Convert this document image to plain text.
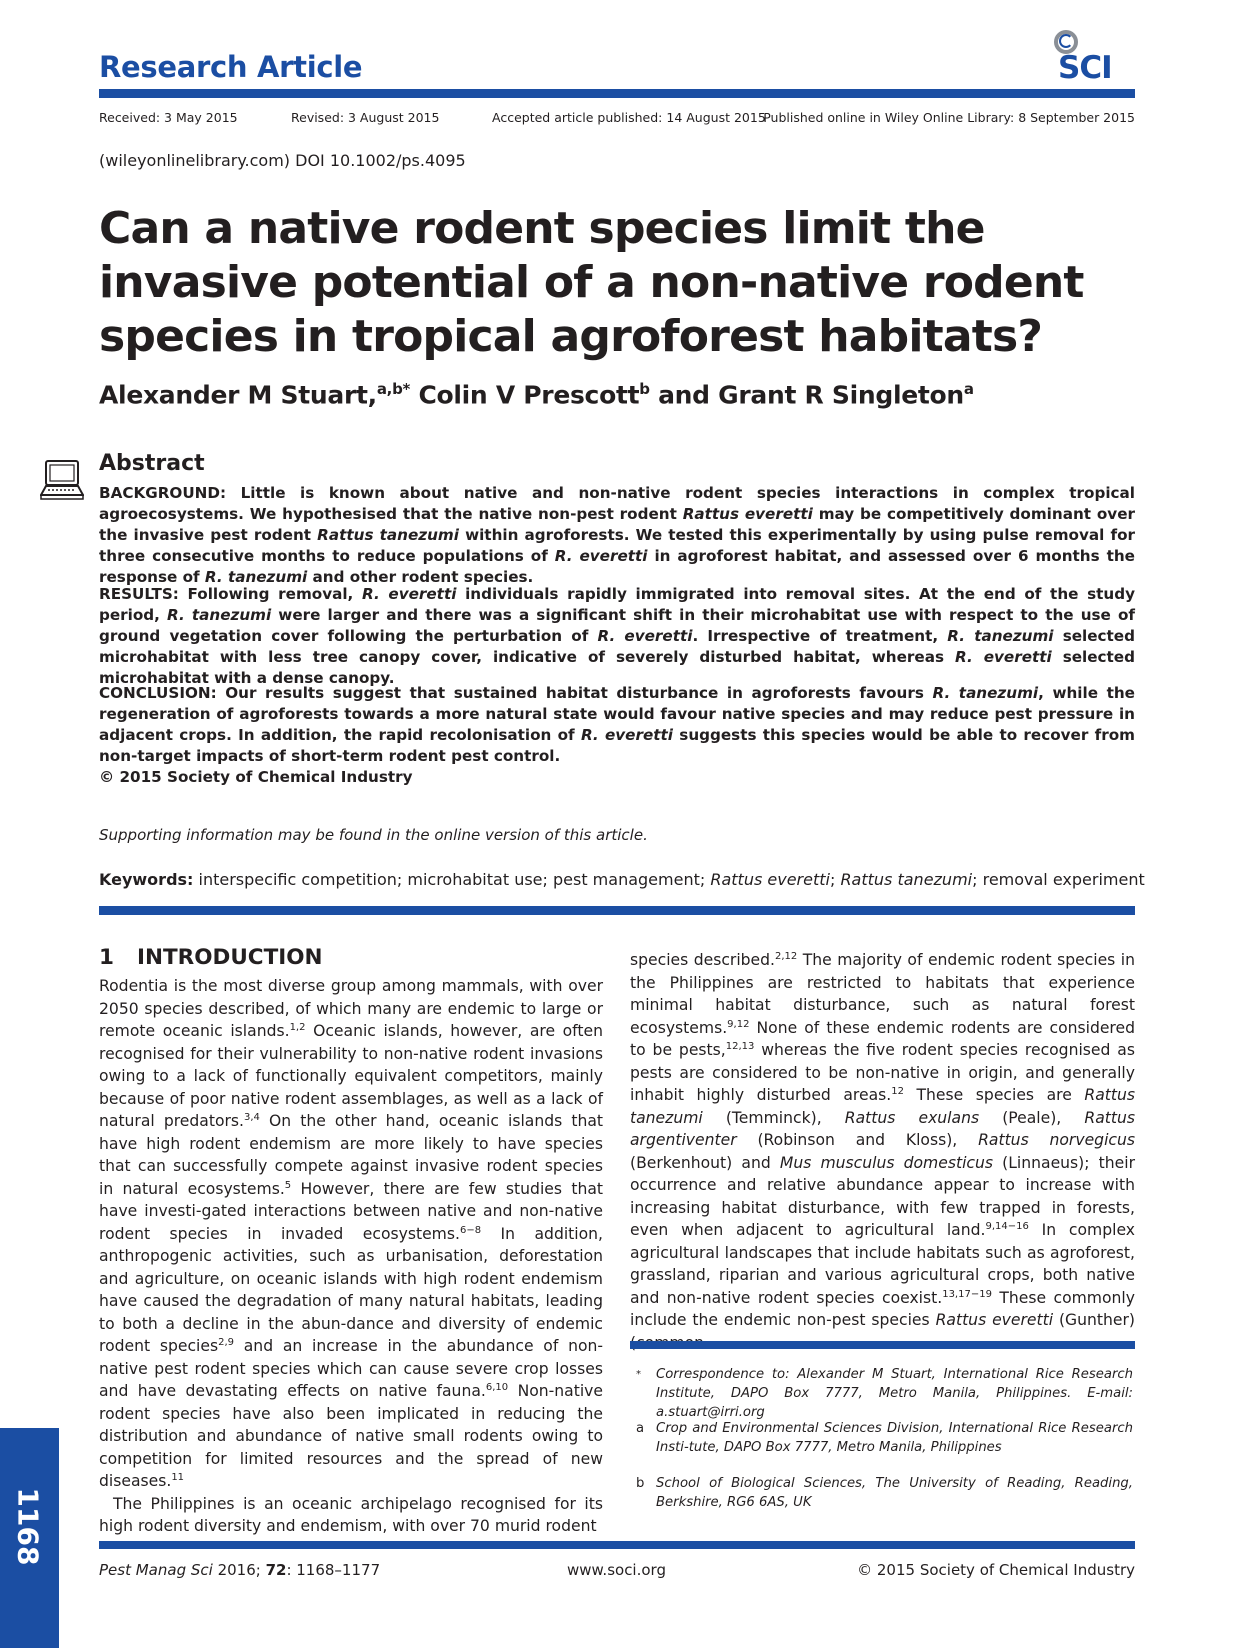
Research Article	SCI
Received: 3 May 2015	Revised: 3 August 2015	Accepted article published: 14 August 2015
Published online in Wiley Online Library: 8 September 2015
(wileyonlinelibrary.com) DOI 10.1002/ps.4095
Can a native rodent species limit the invasive potential of a non-native rodent species in tropical agroforest habitats?
Alexander M Stuart,$^{a,b*}$ Colin V Prescott$^b$ and Grant R Singleton$^a$
Abstract

BACKGROUND: Little is known about native and non-native rodent species interactions in complex tropical agroecosystems. We hypothesised that the native non-pest rodent Rattus everetti may be competitively dominant over the invasive pest rodent Rattus tanezumi within agroforests. We tested this experimentally by using pulse removal for three consecutive months to reduce populations of R. everetti in agroforest habitat, and assessed over 6 months the response of R. tanezumi and other rodent species.

RESULTS: Following removal, R. everetti individuals rapidly immigrated into removal sites. At the end of the study period, R. tanezumi were larger and there was a significant shift in their microhabitat use with respect to the use of ground vegetation cover following the perturbation of R. everetti. Irrespective of treatment, R. tanezumi selected microhabitat with less tree canopy cover, indicative of severely disturbed habitat, whereas R. everetti selected microhabitat with a dense canopy.

CONCLUSION: Our results suggest that sustained habitat disturbance in agroforests favours R. tanezumi, while the regeneration of agroforests towards a more natural state would favour native species and may reduce pest pressure in adjacent crops. In addition, the rapid recolonisation of R. everetti suggests this species would be able to recover from non-target impacts of short-term rodent pest control.
© 2015 Society of Chemical Industry

Supporting information may be found in the online version of this article.
Keywords: interspecific competition; microhabitat use; pest management; Rattus everetti; Rattus tanezumi; removal experiment
1 INTRODUCTION
Rodentia is the most diverse group among mammals, with over 2050 species described, of which many are endemic to large or remote oceanic islands.$^{1,2}$ Oceanic islands, however, are often recognised for their vulnerability to non-native rodent invasions owing to a lack of functionally equivalent competitors, mainly because of poor native rodent assemblages, as well as a lack of natural predators.$^{3,4}$ On the other hand, oceanic islands that have high rodent endemism are more likely to have species that can successfully compete against invasive rodent species in natural ecosystems.$^5$ However, there are few studies that have investi-gated interactions between native and non-native rodent species in invaded ecosystems.$^{6-8}$ In addition, anthropogenic activities, such as urbanisation, deforestation and agriculture, on oceanic islands with high rodent endemism have caused the degradation of many natural habitats, leading to both a decline in the abun-dance and diversity of endemic rodent species$^{2,9}$ and an increase in the abundance of non-native pest rodent species which can cause severe crop losses and have devastating effects on native fauna.$^{6,10}$ Non-native rodent species have also been implicated in reducing the distribution and abundance of native small rodents owing to competition for limited resources and the spread of new diseases.$^{11}$
The Philippines is an oceanic archipelago recognised for its high rodent diversity and endemism, with over 70 murid rodent
species described.$^{2,12}$ The majority of endemic rodent species in the Philippines are restricted to habitats that experience minimal habitat disturbance, such as natural forest ecosystems.$^{9,12}$ None of these endemic rodents are considered to be pests,$^{12,13}$ whereas the five rodent species recognised as pests are considered to be non-native in origin, and generally inhabit highly disturbed areas.$^{12}$ These species are Rattus tanezumi (Temminck), Rattus exulans (Peale), Rattus argentiventer (Robinson and Kloss), Rattus norvegicus (Berkenhout) and Mus musculus domesticus (Linnaeus); their occurrence and relative abundance appear to increase with increasing habitat disturbance, with few trapped in forests, even when adjacent to agricultural land.$^{9,14-16}$ In complex agricultural landscapes that include habitats such as agroforest, grassland, riparian and various agricultural crops, both native and non-native rodent species coexist.$^{13,17-19}$ These commonly include the endemic non-pest species Rattus everetti (Gunther)
* Correspondence to: Alexander M Stuart, International Rice Research Institute, DAPO Box 7777, Metro Manila, Philippines. E-mail: a.stuart@irri.org
a Crop and Environmental Sciences Division, International Rice Research Insti-tute, DAPO Box 7777, Metro Manila, Philippines
b School of Biological Sciences, The University of Reading, Reading, Berkshire, RG6 6AS, UK
1168
Pest Manag Sci 2016; 72: 1168–1177	www.soci.org	© 2015 Society of Chemical Industry
